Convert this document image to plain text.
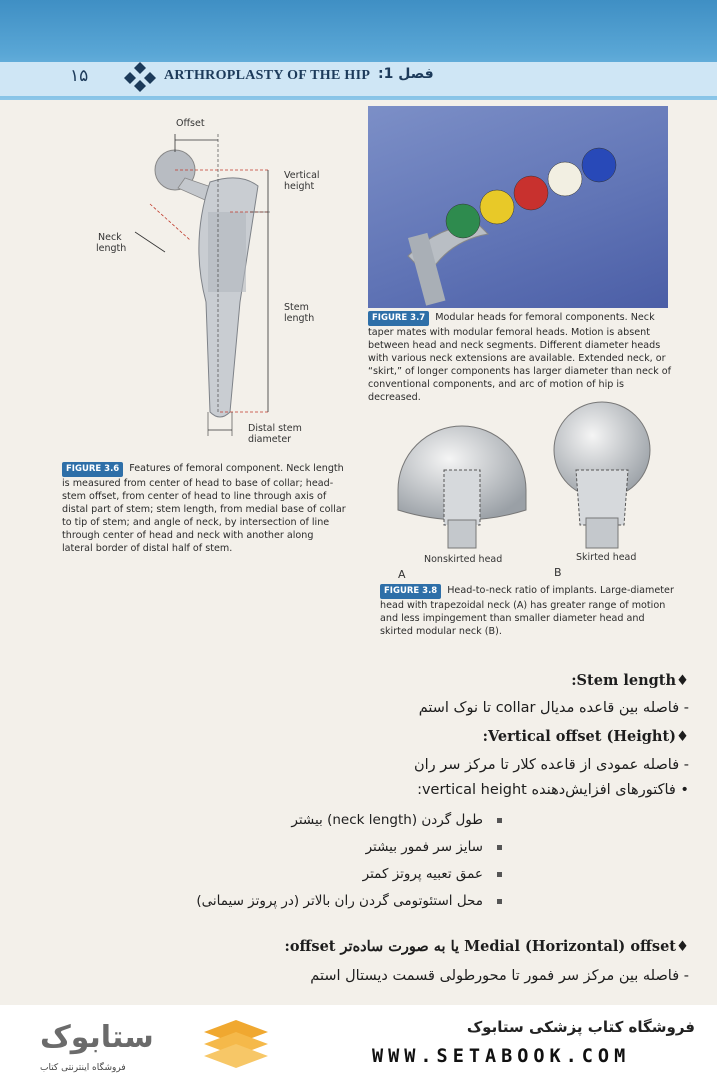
۱۵	ARTHROPLASTY OF THE HIP فصل 1:
Offset
Vertical
height
Neck
length
Stem
length
Distal stem
diameter
FIGURE 3.6 Features of femoral component. Neck length is measured from center of head to base of collar; head-stem offset, from center of head to line through axis of distal part of stem; stem length, from medial base of collar to tip of stem; and angle of neck, by intersection of line through center of head and neck with another along lateral border of distal half of stem.
FIGURE 3.7 Modular heads for femoral components. Neck taper mates with modular femoral heads. Motion is absent between head and neck segments. Different diameter heads with various neck extensions are available. Extended neck, or “skirt,” of longer components has larger diameter than neck of conventional components, and arc of motion of hip is decreased.
Nonskirted head	Skirted head
A	B
FIGURE 3.8 Head-to-neck ratio of implants. Large-diameter head with trapezoidal neck (A) has greater range of motion and less impingement than smaller diameter head and skirted modular neck (B).
♦Stem length:
- فاصله بین قاعده مدیال collar تا نوک استم
♦Vertical offset (Height):
- فاصله عمودی از قاعده کلار تا مرکز سر ران
• فاکتورهای افزایش‌دهنده vertical height:
طول گردن (neck length) بیشتر
سایز سر فمور بیشتر
عمق تعبیه پروتز کمتر
محل استئوتومی گردن ران بالاتر (در پروتز سیمانی)
♦Medial (Horizontal) offset یا به صورت ساده‌تر offset:
- فاصله بین مرکز سر فمور تا محورطولی قسمت دیستال استم
ستابوک
فروشگاه اینترنتی کتاب
فروشگاه کتاب پزشکی ستابوک
WWW.SETABOOK.COM
